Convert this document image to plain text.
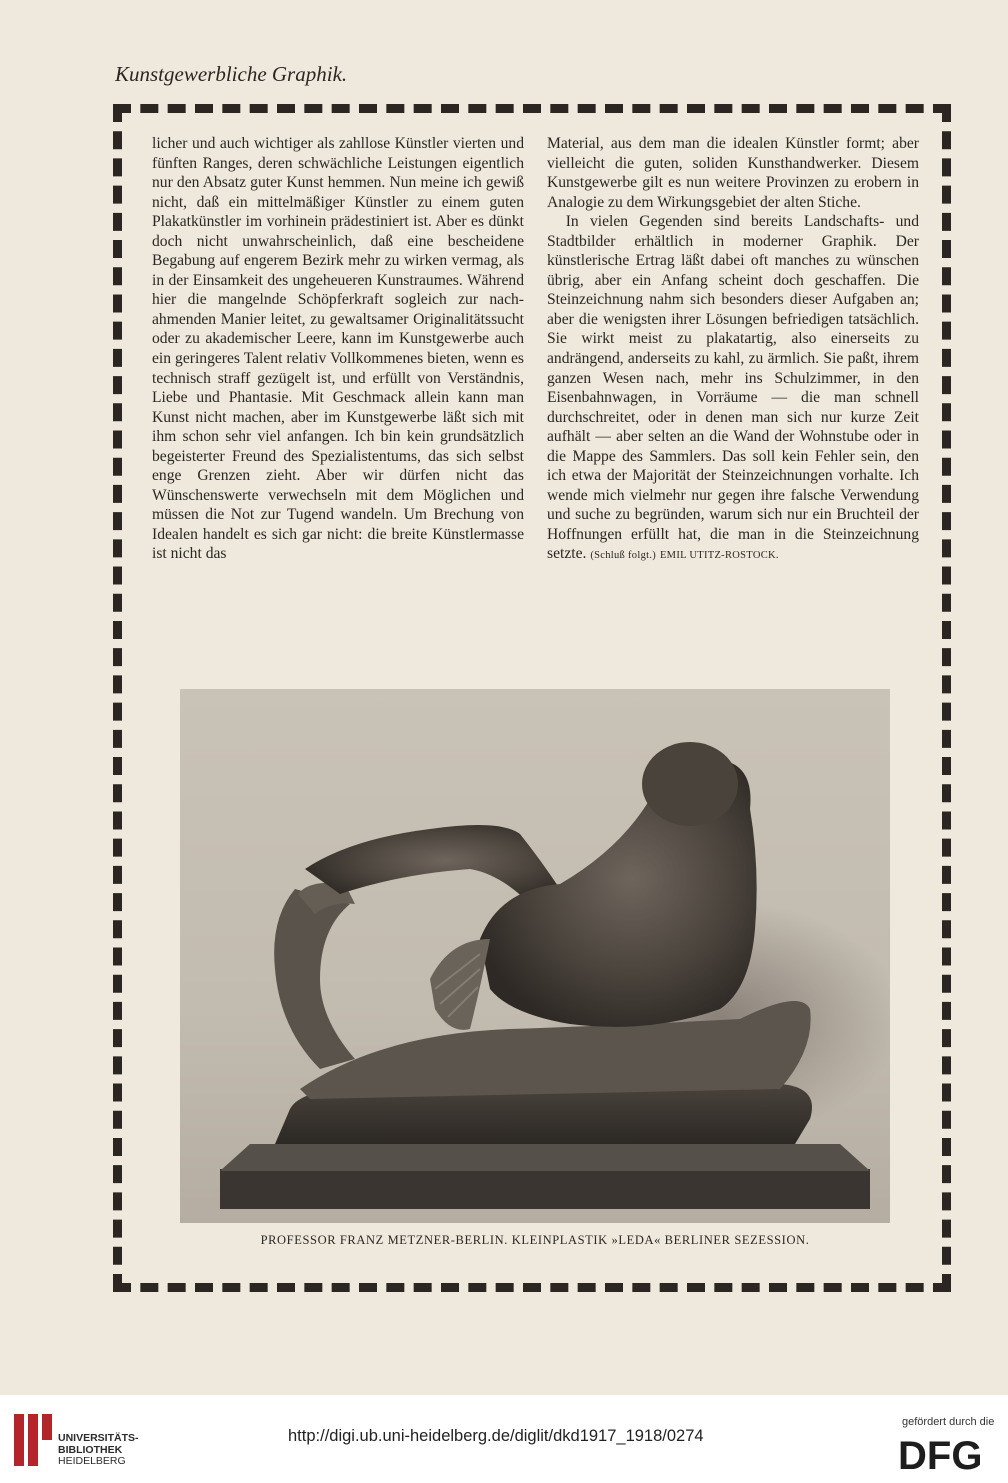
Kunstgewerbliche Graphik.

licher und auch wichtiger als zahllose Künstler vierten und fünften Ranges, deren schwächliche Leistungen eigentlich nur den Absatz guter Kunst hemmen. Nun meine ich gewiß nicht, daß ein mittelmäßiger Künstler zu einem guten Plakatkünstler im vorhinein prädestiniert ist. Aber es dünkt doch nicht unwahrscheinlich, daß eine bescheidene Begabung auf engerem Bezirk mehr zu wirken vermag, als in der Einsamkeit des ungeheueren Kunstraumes. Während hier die mangelnde Schöpferkraft sogleich zur nachahmenden Manier leitet, zu gewaltsamer Originalitätssucht oder zu akademischer Leere, kann im Kunstgewerbe auch ein geringeres Talent relativ Vollkommenes bieten, wenn es technisch straff gezügelt ist, und erfüllt von Verständnis, Liebe und Phantasie. Mit Geschmack allein kann man Kunst nicht machen, aber im Kunstgewerbe läßt sich mit ihm schon sehr viel anfangen. Ich bin kein grundsätzlich begeisterter Freund des Spezialistentums, das sich selbst enge Grenzen zieht. Aber wir dürfen nicht das Wünschenswerte verwechseln mit dem Möglichen und müssen die Not zur Tugend wandeln. Um Brechung von Idealen handelt es sich gar nicht: die breite Künstlermasse ist nicht das

Material, aus dem man die idealen Künstler formt; aber vielleicht die guten, soliden Kunsthandwerker. Diesem Kunstgewerbe gilt es nun weitere Provinzen zu erobern in Analogie zu dem Wirkungsgebiet der alten Stiche.

In vielen Gegenden sind bereits Landschafts- und Stadtbilder erhältlich in moderner Graphik. Der künstlerische Ertrag läßt dabei oft manches zu wünschen übrig, aber ein Anfang scheint doch geschaffen. Die Steinzeichnung nahm sich besonders dieser Aufgaben an; aber die wenigsten ihrer Lösungen befriedigen tatsächlich. Sie wirkt meist zu plakatartig, also einerseits zu andrängend, anderseits zu kahl, zu ärmlich. Sie paßt, ihrem ganzen Wesen nach, mehr ins Schulzimmer, in den Eisenbahnwagen, in Vorräume — die man schnell durchschreitet, oder in denen man sich nur kurze Zeit aufhält — aber selten an die Wand der Wohnstube oder in die Mappe des Sammlers. Das soll kein Fehler sein, den ich etwa der Majorität der Steinzeichnungen vorhalte. Ich wende mich vielmehr nur gegen ihre falsche Verwendung und suche zu begründen, warum sich nur ein Bruchteil der Hoffnungen erfüllt hat, die man in die Steinzeichnung setzte. (Schluß folgt.) EMIL UTITZ-ROSTOCK.

PROFESSOR FRANZ METZNER-BERLIN. KLEINPLASTIK »LEDA« BERLINER SEZESSION.
UNIVERSITÄTS-
BIBLIOTHEK
HEIDELBERG
http://digi.ub.uni-heidelberg.de/diglit/dkd1917_1918/0274
gefördert durch die
DFG
